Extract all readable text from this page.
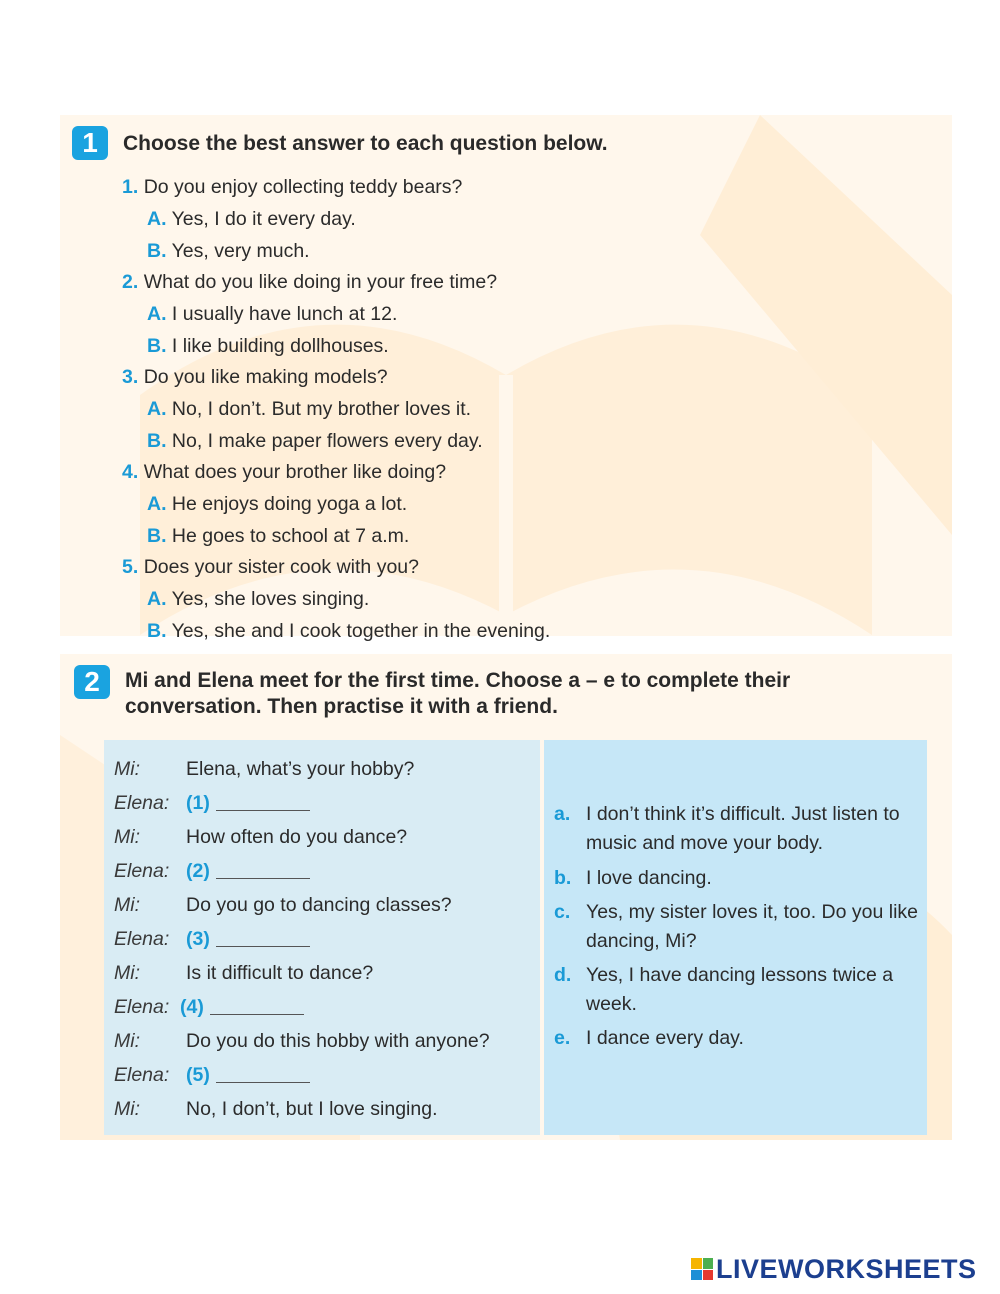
1	Choose the best answer to each question below.
1. Do you enjoy collecting teddy bears?
A. Yes, I do it every day.
B. Yes, very much.
2. What do you like doing in your free time?
A. I usually have lunch at 12.
B. I like building dollhouses.
3. Do you like making models?
A. No, I don’t. But my brother loves it.
B. No, I make paper flowers every day.
4. What does your brother like doing?
A. He enjoys doing yoga a lot.
B. He goes to school at 7 a.m.
5. Does your sister cook with you?
A. Yes, she loves singing.
B. Yes, she and I cook together in the evening.
2	Mi and Elena meet for the first time. Choose a – e to complete their
conversation. Then practise it with a friend.
Mi: Elena, what’s your hobby?
Elena: (1)
Mi: How often do you dance?
Elena: (2)
Mi: Do you go to dancing classes?
Elena: (3)
Mi: Is it difficult to dance?
Elena: (4)
Mi: Do you do this hobby with anyone?
Elena: (5)
Mi: No, I don’t, but I love singing.
a. I don’t think it’s difficult. Just listen to music and move your body.
b. I love dancing.
c. Yes, my sister loves it, too. Do you like dancing, Mi?
d. Yes, I have dancing lessons twice a week.
e. I dance every day.
LIVEWORKSHEETS
